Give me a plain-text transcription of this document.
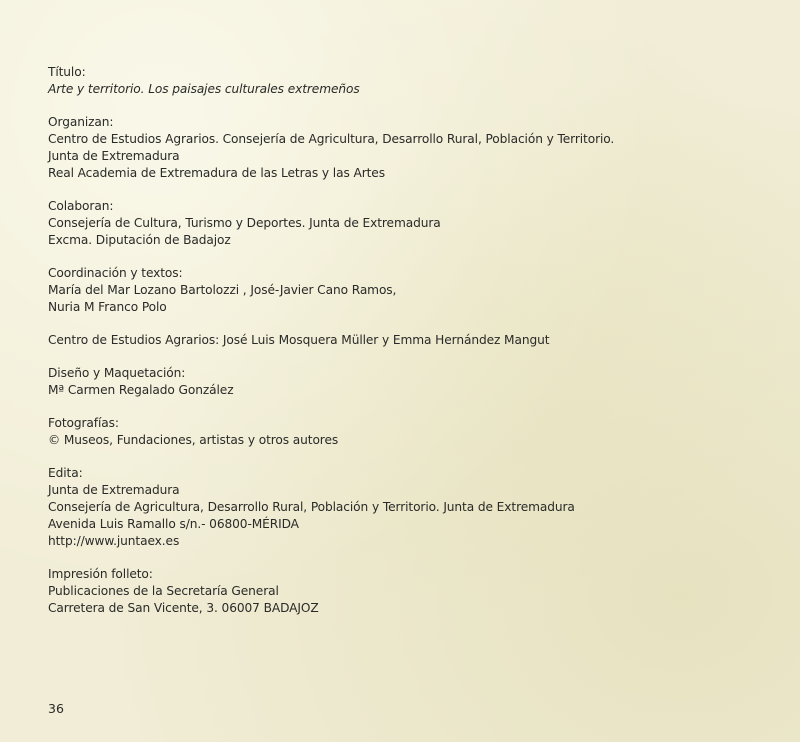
Título:
Arte y territorio. Los paisajes culturales extremeños
Organizan:
Centro de Estudios Agrarios. Consejería de Agricultura, Desarrollo Rural, Población y Territorio.
Junta de Extremadura
Real Academia de Extremadura de las Letras y las Artes
Colaboran:
Consejería de Cultura, Turismo y Deportes. Junta de Extremadura
Excma. Diputación de Badajoz
Coordinación y textos:
María del Mar Lozano Bartolozzi , José-Javier Cano Ramos,
Nuria M Franco Polo
Centro de Estudios Agrarios: José Luis Mosquera Müller y Emma Hernández Mangut
Diseño y Maquetación:
Mª Carmen Regalado González
Fotografías:
© Museos, Fundaciones, artistas y otros autores
Edita:
Junta de Extremadura
Consejería de Agricultura, Desarrollo Rural, Población y Territorio. Junta de Extremadura
Avenida Luis Ramallo s/n.- 06800-MÉRIDA
http://www.juntaex.es
Impresión folleto:
Publicaciones de la Secretaría General
Carretera de San Vicente, 3. 06007 BADAJOZ
36
